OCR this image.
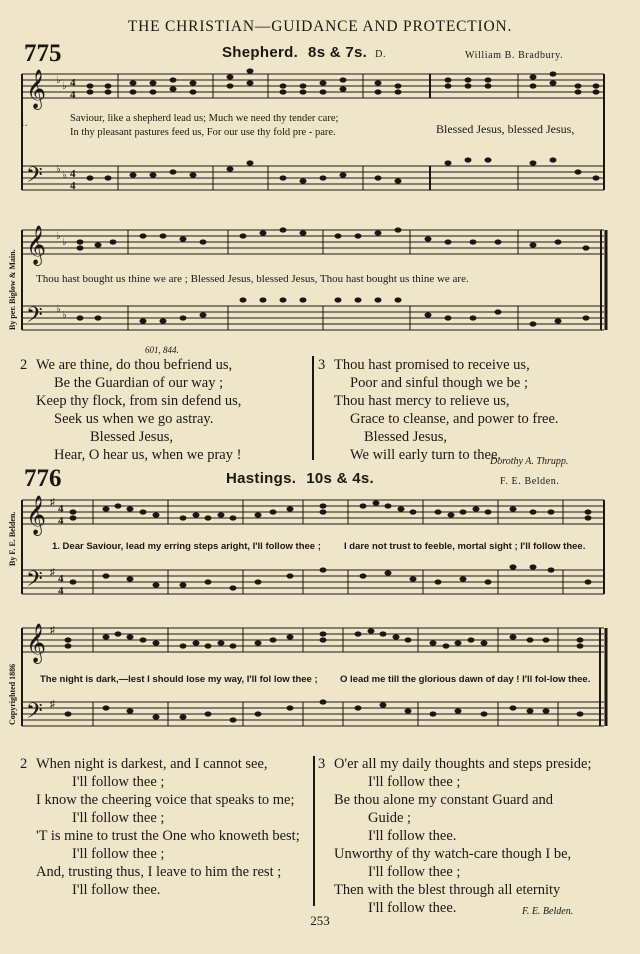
THE CHRISTIAN—GUIDANCE AND PROTECTION.
775	Shepherd. 8s & 7s. D.	William B. Bradbury.
𝄞
𝄢
♭
♭
♭
♭
4
4
4
4
1.	Saviour, like a shepherd lead us; Much we need thy tender care;
In thy pleasant pastures feed us, For our use thy fold pre - pare.	Blessed Jesus, blessed Jesus,
𝄞
𝄢
♭
♭
♭
♭
Thou hast bought us thine we are ; Blessed Jesus, blessed Jesus, Thou hast bought us thine we are.
601, 844.
By per. Biglow & Main.
2 We are thine, do thou befriend us,
Be the Guardian of our way ;
Keep thy flock, from sin defend us,
Seek us when we go astray.
Blessed Jesus,
Hear, O hear us, when we pray !
3 Thou hast promised to receive us,
Poor and sinful though we be ;
Thou hast mercy to relieve us,
Grace to cleanse, and power to free.
Blessed Jesus,
We will early turn to thee.
Dorothy A. Thrupp.
776	Hastings. 10s & 4s.	F. E. Belden.
By F. E. Belden.
Copyrighted 1886
𝄞
𝄢
♯
♯
4
4
4
4
1. Dear Saviour, lead my erring steps aright, I'll follow thee ; I dare not trust to feeble, mortal sight ; I'll follow thee.
𝄞
𝄢
♯
♯
The night is dark,—lest I should lose my way, I'll fol low thee ; O lead me till the glorious dawn of day ! I'll fol-low thee.
2 When night is darkest, and I cannot see,
I'll follow thee ;
I know the cheering voice that speaks to me;
I'll follow thee ;
'T is mine to trust the One who knoweth best;
I'll follow thee ;
And, trusting thus, I leave to him the rest ;
I'll follow thee.
3 O'er all my daily thoughts and steps preside;
I'll follow thee ;
Be thou alone my constant Guard and
Guide ;
I'll follow thee.
Unworthy of thy watch-care though I be,
I'll follow thee ;
Then with the blest through all eternity
I'll follow thee.	F. E. Belden.
253
